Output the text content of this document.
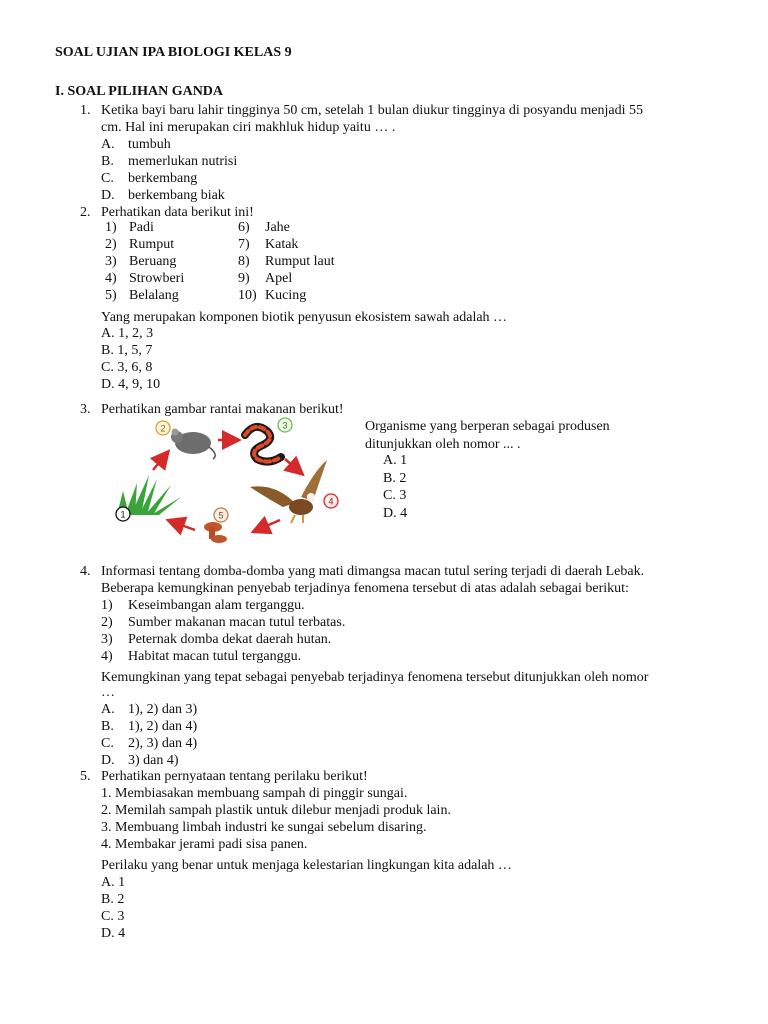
SOAL UJIAN IPA BIOLOGI KELAS 9
I. SOAL PILIHAN GANDA
1. Ketika bayi baru lahir tingginya 50 cm, setelah 1 bulan diukur tingginya di posyandu menjadi 55
cm. Hal ini merupakan ciri makhluk hidup yaitu … .
A. tumbuh
B. memerlukan nutrisi
C. berkembang
D. berkembang biak
2. Perhatikan data berikut ini!
1) Padi
2) Rumput
3) Beruang
4) Strowberi
5) Belalang
6) Jahe
7) Katak
8) Rumput laut
9) Apel
10) Kucing
Yang merupakan komponen biotik penyusun ekosistem sawah adalah …
A. 1, 2, 3
B. 1, 5, 7
C. 3, 6, 8
D. 4, 9, 10
3. Perhatikan gambar rantai makanan berikut!
1
2	3
4
5
Organisme yang berperan sebagai produsen
ditunjukkan oleh nomor ... .
A. 1
B. 2
C. 3
D. 4
4. Informasi tentang domba-domba yang mati dimangsa macan tutul sering terjadi di daerah Lebak.
Beberapa kemungkinan penyebab terjadinya fenomena tersebut di atas adalah sebagai berikut:
1) Keseimbangan alam terganggu.
2) Sumber makanan macan tutul terbatas.
3) Peternak domba dekat daerah hutan.
4) Habitat macan tutul terganggu.
Kemungkinan yang tepat sebagai penyebab terjadinya fenomena tersebut ditunjukkan oleh nomor
…
A. 1), 2) dan 3)
B. 1), 2) dan 4)
C. 2), 3) dan 4)
D. 3) dan 4)
5. Perhatikan pernyataan tentang perilaku berikut!
1. Membiasakan membuang sampah di pinggir sungai.
2. Memilah sampah plastik untuk dilebur menjadi produk lain.
3. Membuang limbah industri ke sungai sebelum disaring.
4. Membakar jerami padi sisa panen.
Perilaku yang benar untuk menjaga kelestarian lingkungan kita adalah …
A. 1
B. 2
C. 3
D. 4
